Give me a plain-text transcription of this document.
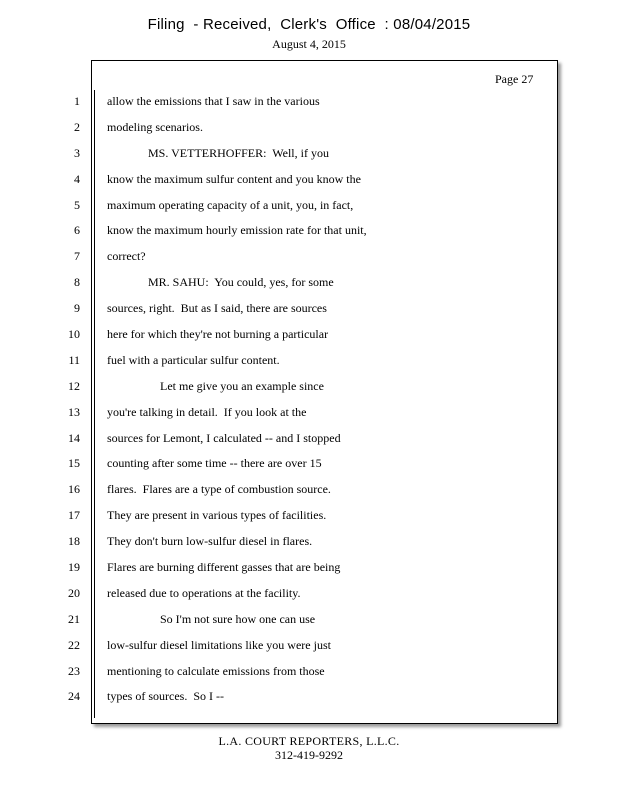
Filing  - Received,  Clerk's  Office  : 08/04/2015
August 4, 2015
Page 27
1 allow the emissions that I saw in the various
2 modeling scenarios.
3	MS. VETTERHOFFER:  Well, if you
4 know the maximum sulfur content and you know the
5 maximum operating capacity of a unit, you, in fact,
6 know the maximum hourly emission rate for that unit,
7 correct?
8	MR. SAHU:  You could, yes, for some
9 sources, right.  But as I said, there are sources
10 here for which they're not burning a particular
11 fuel with a particular sulfur content.
12	Let me give you an example since
13 you're talking in detail.  If you look at the
14 sources for Lemont, I calculated -- and I stopped
15 counting after some time -- there are over 15
16 flares.  Flares are a type of combustion source.
17 They are present in various types of facilities.
18 They don't burn low-sulfur diesel in flares.
19 Flares are burning different gasses that are being
20 released due to operations at the facility.
21	So I'm not sure how one can use
22 low-sulfur diesel limitations like you were just
23 mentioning to calculate emissions from those
24 types of sources.  So I --
L.A. COURT REPORTERS, L.L.C.
312-419-9292
